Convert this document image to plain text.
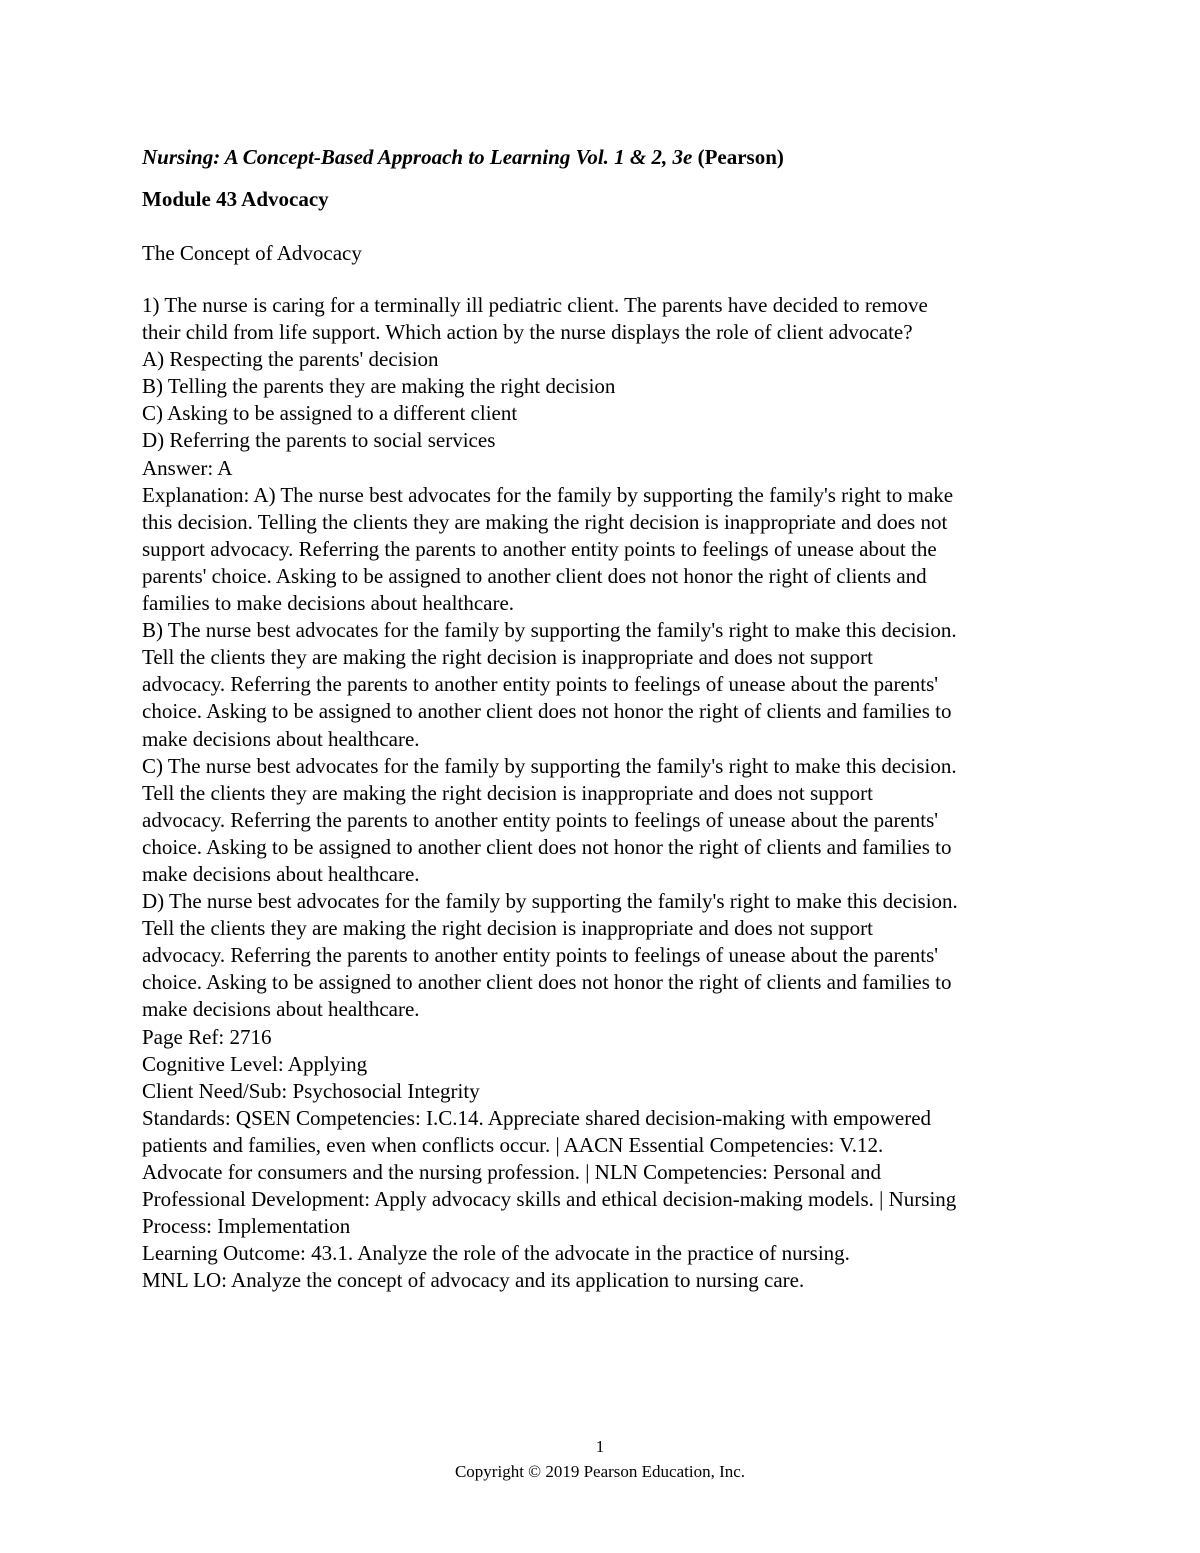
Nursing: A Concept-Based Approach to Learning Vol. 1 & 2, 3e (Pearson)
Module 43 Advocacy
The Concept of Advocacy
1) The nurse is caring for a terminally ill pediatric client. The parents have decided to remove
their child from life support. Which action by the nurse displays the role of client advocate?
A) Respecting the parents' decision
B) Telling the parents they are making the right decision
C) Asking to be assigned to a different client
D) Referring the parents to social services
Answer: A
Explanation: A) The nurse best advocates for the family by supporting the family's right to make
this decision. Telling the clients they are making the right decision is inappropriate and does not
support advocacy. Referring the parents to another entity points to feelings of unease about the
parents' choice. Asking to be assigned to another client does not honor the right of clients and
families to make decisions about healthcare.
B) The nurse best advocates for the family by supporting the family's right to make this decision.
Tell the clients they are making the right decision is inappropriate and does not support
advocacy. Referring the parents to another entity points to feelings of unease about the parents'
choice. Asking to be assigned to another client does not honor the right of clients and families to
make decisions about healthcare.
C) The nurse best advocates for the family by supporting the family's right to make this decision.
Tell the clients they are making the right decision is inappropriate and does not support
advocacy. Referring the parents to another entity points to feelings of unease about the parents'
choice. Asking to be assigned to another client does not honor the right of clients and families to
make decisions about healthcare.
D) The nurse best advocates for the family by supporting the family's right to make this decision.
Tell the clients they are making the right decision is inappropriate and does not support
advocacy. Referring the parents to another entity points to feelings of unease about the parents'
choice. Asking to be assigned to another client does not honor the right of clients and families to
make decisions about healthcare.
Page Ref: 2716
Cognitive Level: Applying
Client Need/Sub: Psychosocial Integrity
Standards: QSEN Competencies: I.C.14. Appreciate shared decision-making with empowered
patients and families, even when conflicts occur. | AACN Essential Competencies: V.12.
Advocate for consumers and the nursing profession. | NLN Competencies: Personal and
Professional Development: Apply advocacy skills and ethical decision-making models. | Nursing
Process: Implementation
Learning Outcome: 43.1. Analyze the role of the advocate in the practice of nursing.
MNL LO: Analyze the concept of advocacy and its application to nursing care.
1
Copyright © 2019 Pearson Education, Inc.
